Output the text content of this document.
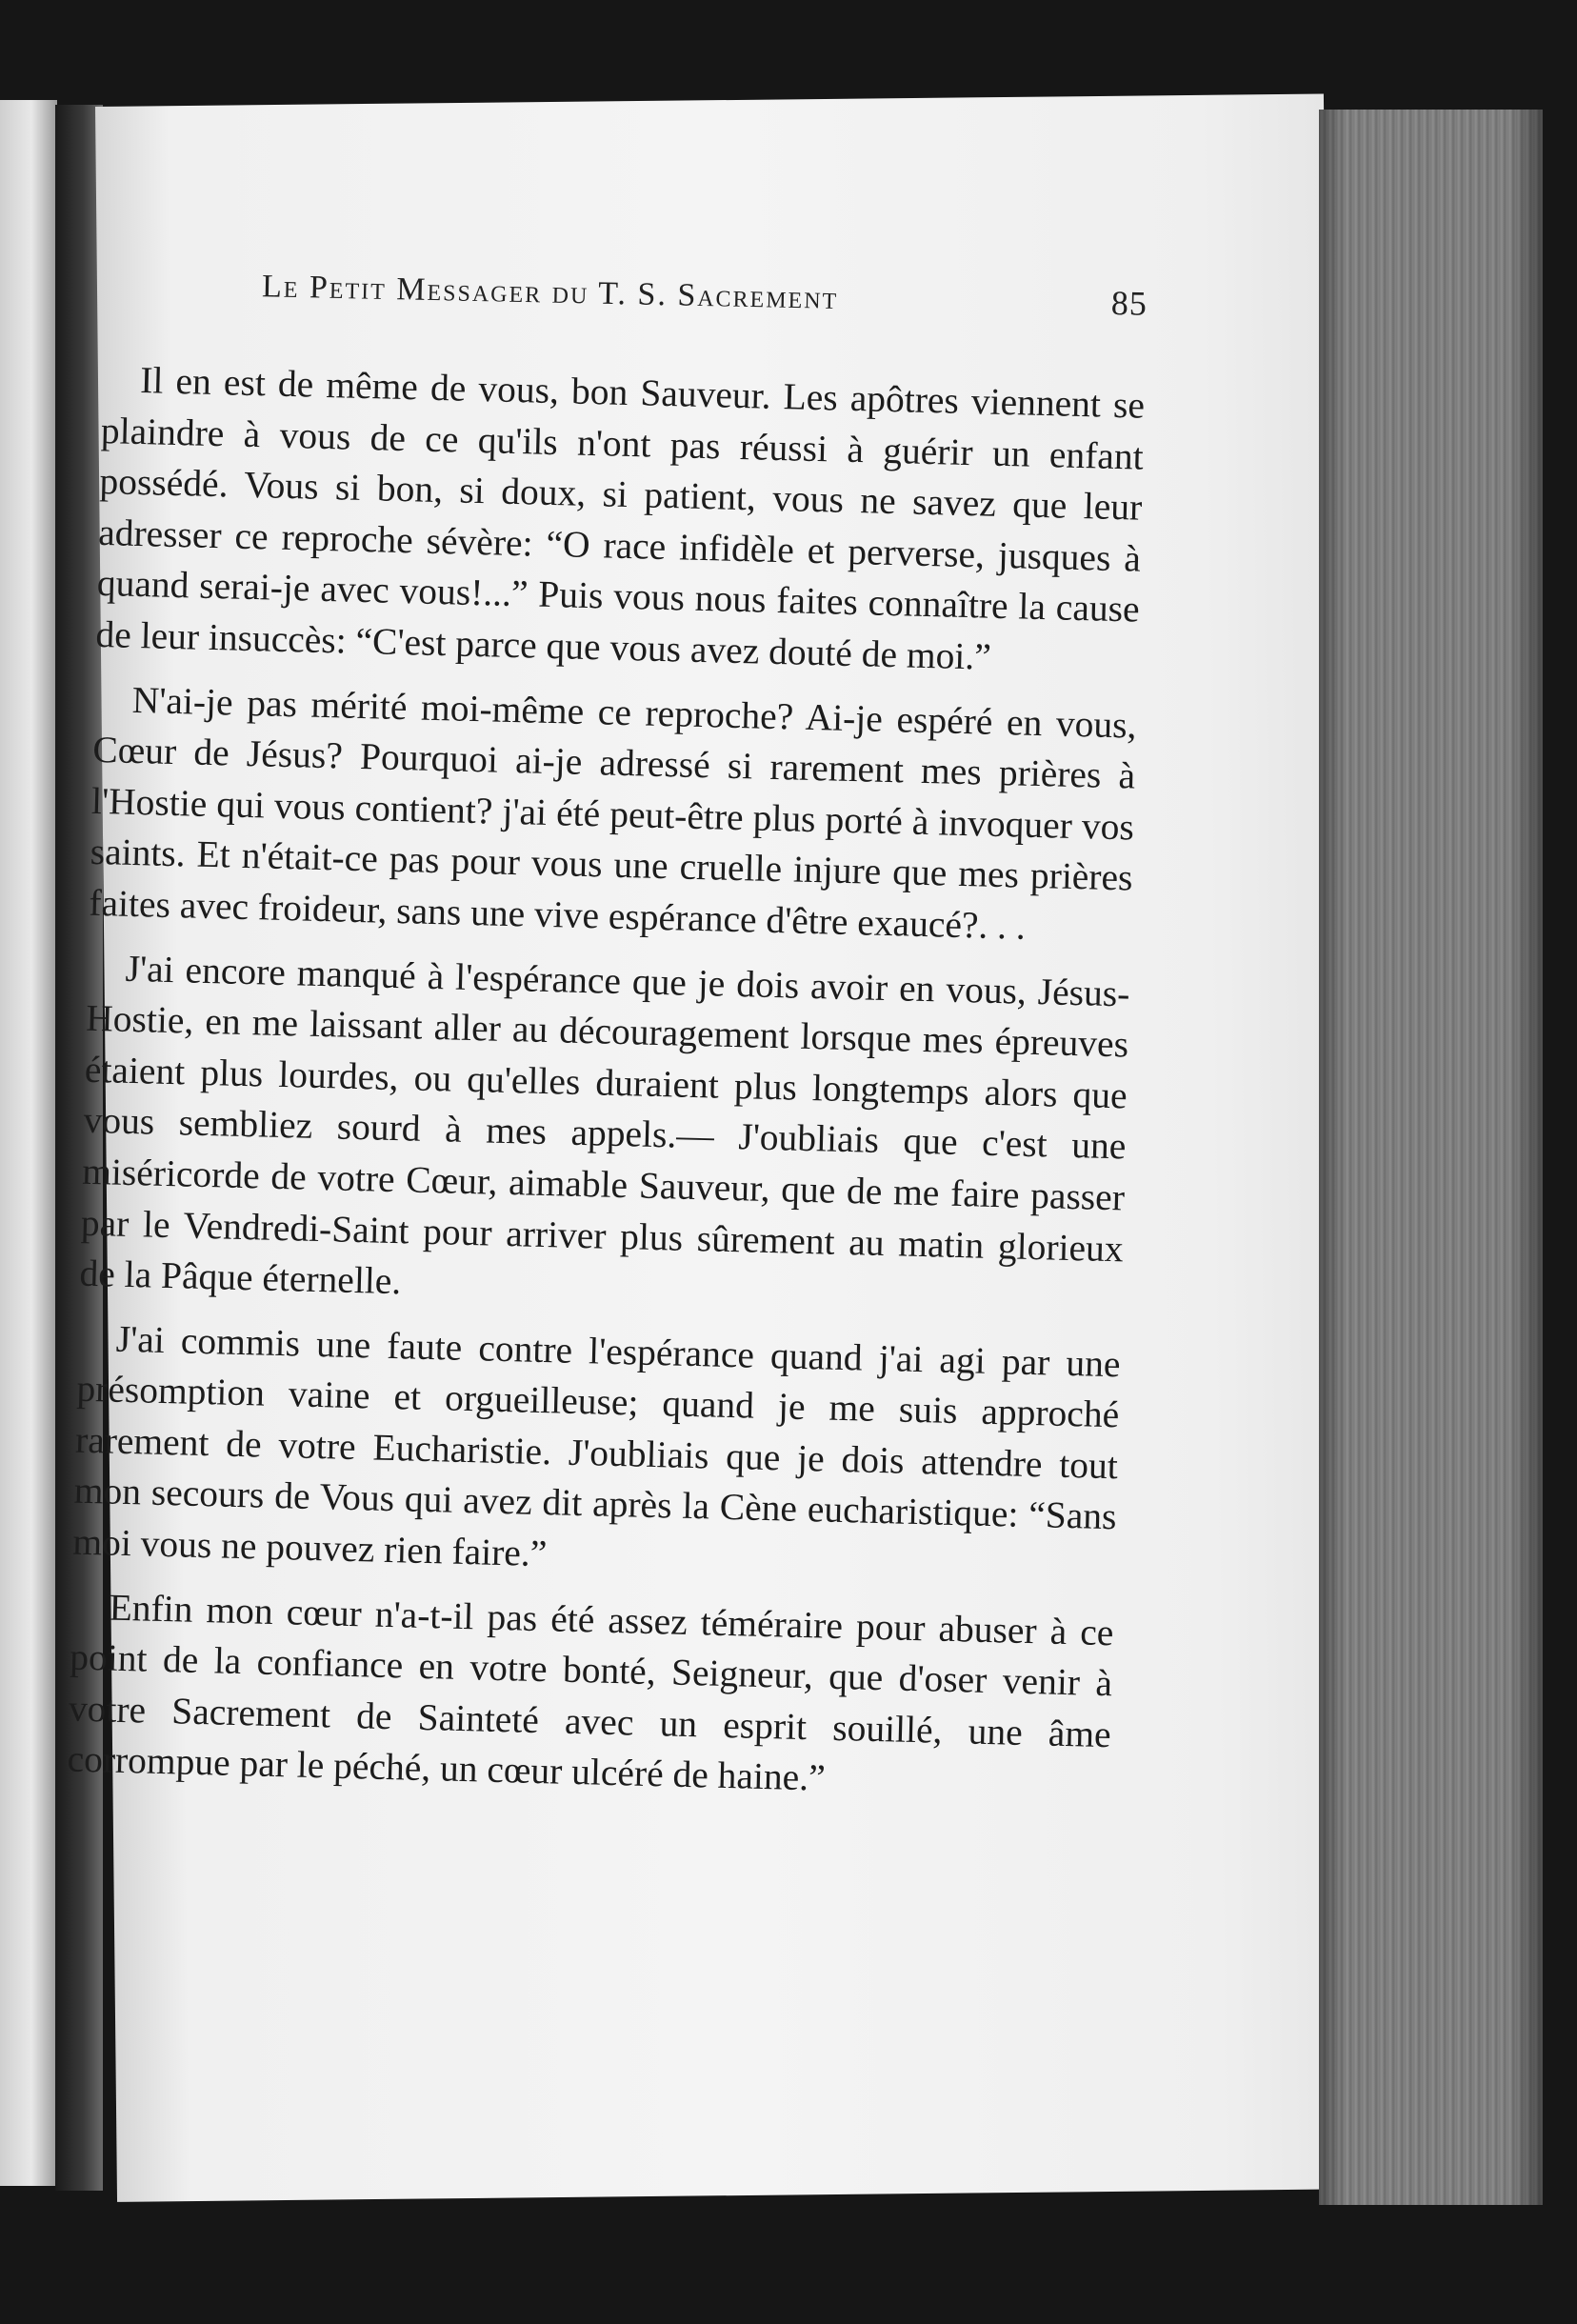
Le Petit Messager du T. S. Sacrement	85

Il en est de même de vous, bon Sauveur. Les apôtres viennent se plaindre à vous de ce qu'ils n'ont pas réussi à guérir un enfant possédé. Vous si bon, si doux, si patient, vous ne savez que leur adresser ce reproche sévère: “O race infidèle et perverse, jusques à quand serai-je avec vous!...” Puis vous nous faites connaître la cause de leur insuccès: “C'est parce que vous avez douté de moi.”

N'ai-je pas mérité moi-même ce reproche? Ai-je espéré en vous, Cœur de Jésus? Pourquoi ai-je adressé si rarement mes prières à l'Hostie qui vous contient? j'ai été peut-être plus porté à invoquer vos saints. Et n'était-ce pas pour vous une cruelle injure que mes prières faites avec froideur, sans une vive espérance d'être exaucé?. . .

J'ai encore manqué à l'espérance que je dois avoir en vous, Jésus-Hostie, en me laissant aller au découragement lorsque mes épreuves étaient plus lourdes, ou qu'elles duraient plus longtemps alors que vous sembliez sourd à mes appels.— J'oubliais que c'est une miséricorde de votre Cœur, aimable Sauveur, que de me faire passer par le Vendredi-Saint pour arriver plus sûrement au matin glorieux de la Pâque éternelle.

J'ai commis une faute contre l'espérance quand j'ai agi par une présomption vaine et orgueilleuse; quand je me suis approché rarement de votre Eucharistie. J'oubliais que je dois attendre tout mon secours de Vous qui avez dit après la Cène eucharistique: “Sans moi vous ne pouvez rien faire.”

Enfin mon cœur n'a-t-il pas été assez téméraire pour abuser à ce point de la confiance en votre bonté, Seigneur, que d'oser venir à votre Sacrement de Sainteté avec un esprit souillé, une âme corrompue par le péché, un cœur ulcéré de haine.”
